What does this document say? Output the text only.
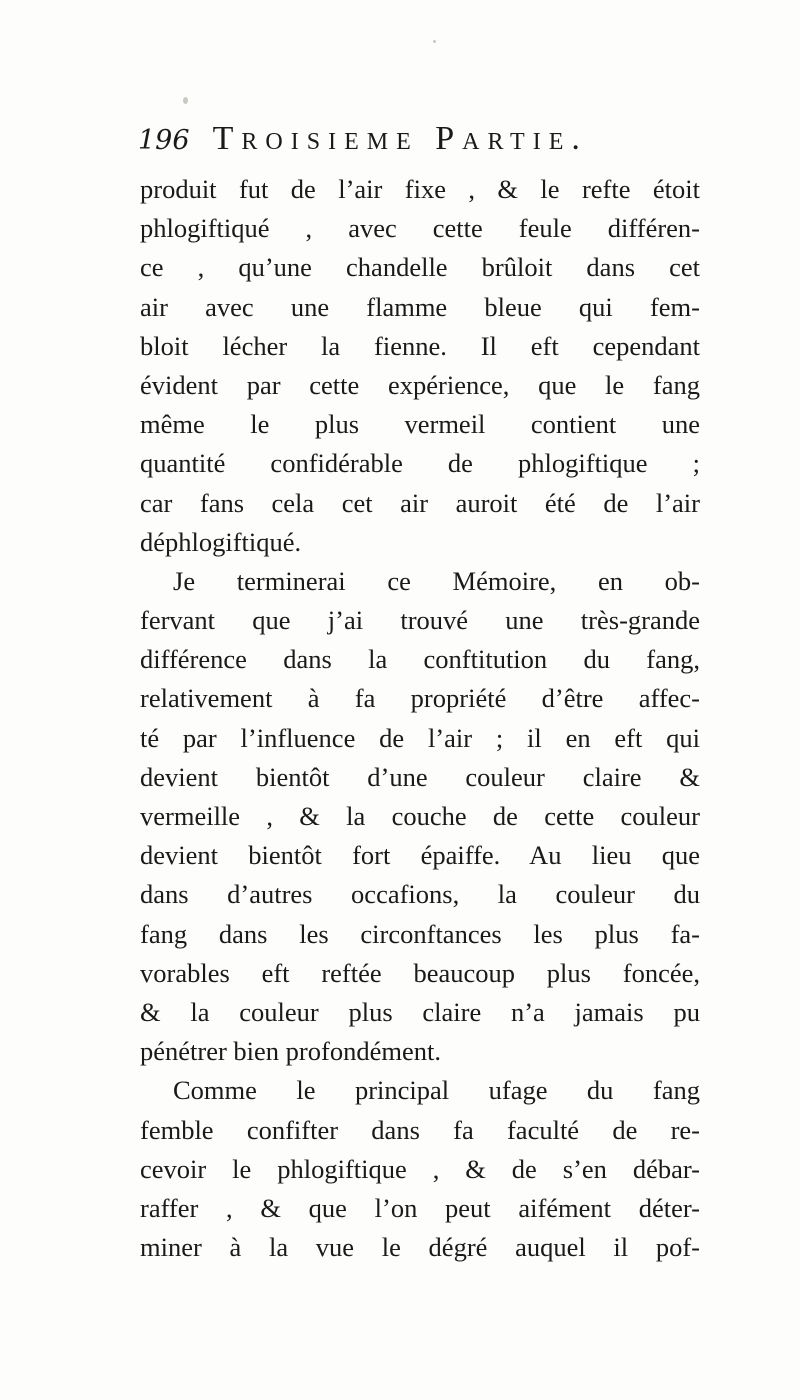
196 Troisieme Partie.
produit fut de l’air fixe , & le refte étoit
phlogiftiqué , avec cette feule différen-
ce , qu’une chandelle brûloit dans cet
air avec une flamme bleue qui fem-
bloit lécher la fienne. Il eft cependant
évident par cette expérience, que le fang
même le plus vermeil contient une
quantité confidérable de phlogiftique ;
car fans cela cet air auroit été de l’air
déphlogiftiqué.
Je terminerai ce Mémoire, en ob-
fervant que j’ai trouvé une très-grande
différence dans la conftitution du fang,
relativement à fa propriété d’être affec-
té par l’influence de l’air ; il en eft qui
devient bientôt d’une couleur claire &
vermeille , & la couche de cette couleur
devient bientôt fort épaiffe. Au lieu que
dans d’autres occafions, la couleur du
fang dans les circonftances les plus fa-
vorables eft reftée beaucoup plus foncée,
& la couleur plus claire n’a jamais pu
pénétrer bien profondément.
Comme le principal ufage du fang
femble confifter dans fa faculté de re-
cevoir le phlogiftique , & de s’en débar-
raffer , & que l’on peut aifément déter-
miner à la vue le dégré auquel il pof-
